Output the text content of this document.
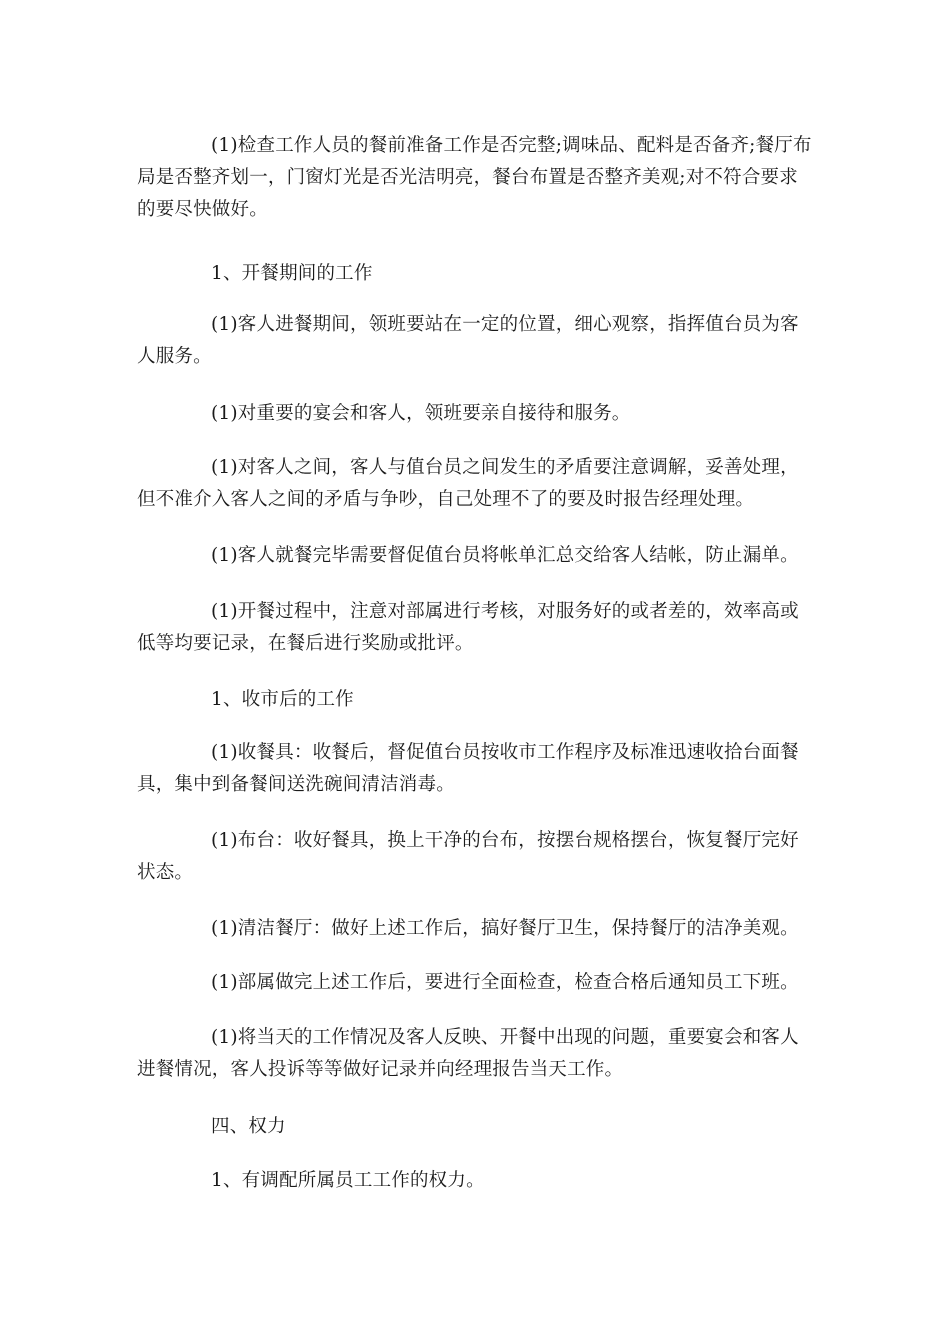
(1)检查工作人员的餐前准备工作是否完整;调味品、配料是否备齐;餐厅布局是否整齐划一，门窗灯光是否光洁明亮，餐台布置是否整齐美观;对不符合要求的要尽快做好。

1、开餐期间的工作

(1)客人进餐期间，领班要站在一定的位置，细心观察，指挥值台员为客人服务。

(1)对重要的宴会和客人，领班要亲自接待和服务。

(1)对客人之间，客人与值台员之间发生的矛盾要注意调解，妥善处理，但不准介入客人之间的矛盾与争吵，自己处理不了的要及时报告经理处理。

(1)客人就餐完毕需要督促值台员将帐单汇总交给客人结帐，防止漏单。

(1)开餐过程中，注意对部属进行考核，对服务好的或者差的，效率高或低等均要记录，在餐后进行奖励或批评。

1、收市后的工作

(1)收餐具：收餐后，督促值台员按收市工作程序及标准迅速收拾台面餐具，集中到备餐间送洗碗间清洁消毒。

(1)布台：收好餐具，换上干净的台布，按摆台规格摆台，恢复餐厅完好状态。

(1)清洁餐厅：做好上述工作后，搞好餐厅卫生，保持餐厅的洁净美观。

(1)部属做完上述工作后，要进行全面检查，检查合格后通知员工下班。

(1)将当天的工作情况及客人反映、开餐中出现的问题，重要宴会和客人进餐情况，客人投诉等等做好记录并向经理报告当天工作。

四、权力

1、有调配所属员工工作的权力。
